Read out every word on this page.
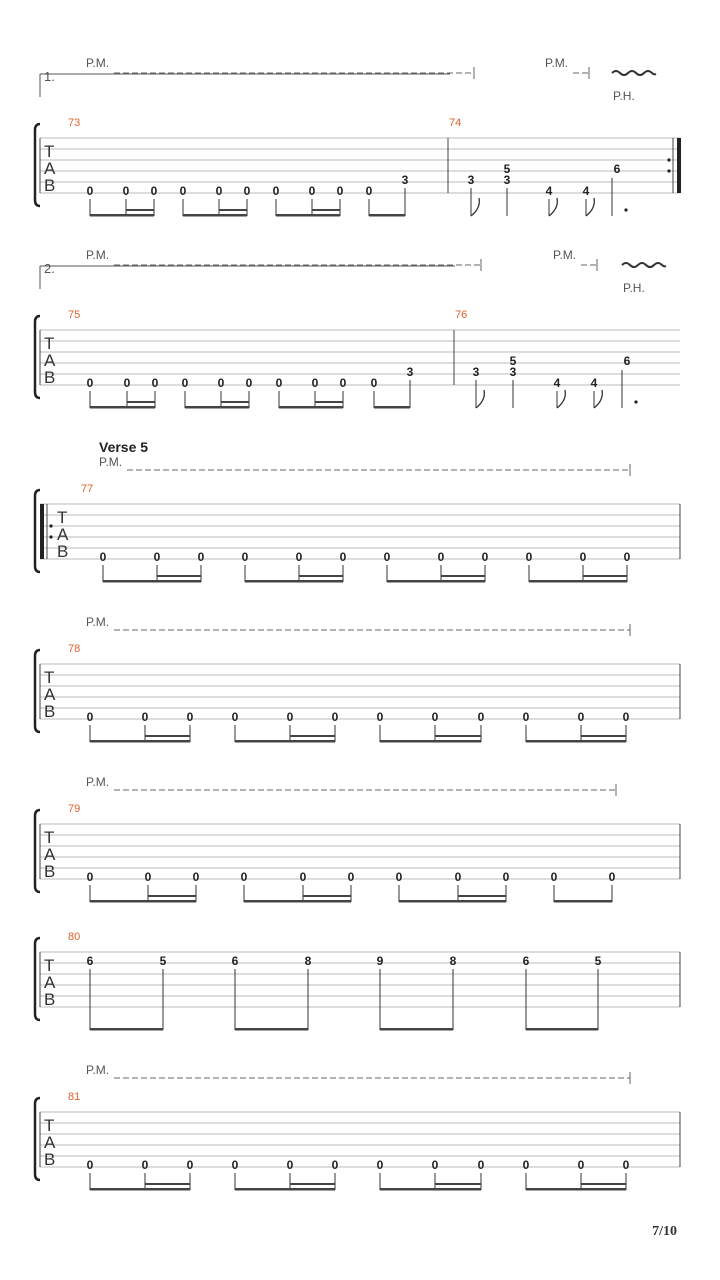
1.
P.M.	P.M.
P.H.
73	74
T
A
B	0 0 0 0 0 0 0 0 0 0
3	3
5
3
4	4
6
2.
P.M.	P.M.
P.H.
75	76
T
A
B	0	0 0 0 0 0 0 0 0 0
3	3
5
3
4	4
6
Verse 5
P.M.
77
T
A
B	0	0	0	0	0	0	0	0	0	0	0	0
P.M.
78
T
A
B	0	0	0	0	0	0	0	0	0	0	0	0
P.M.
79
T
A
B	0	0	0	0	0	0	0	0	0	0	0
80
T
A
B
6	5	6	8	9	8	6	5
P.M.
81
T
A
B	0	0	0	0	0	0	0	0	0	0	0	0
7/10
